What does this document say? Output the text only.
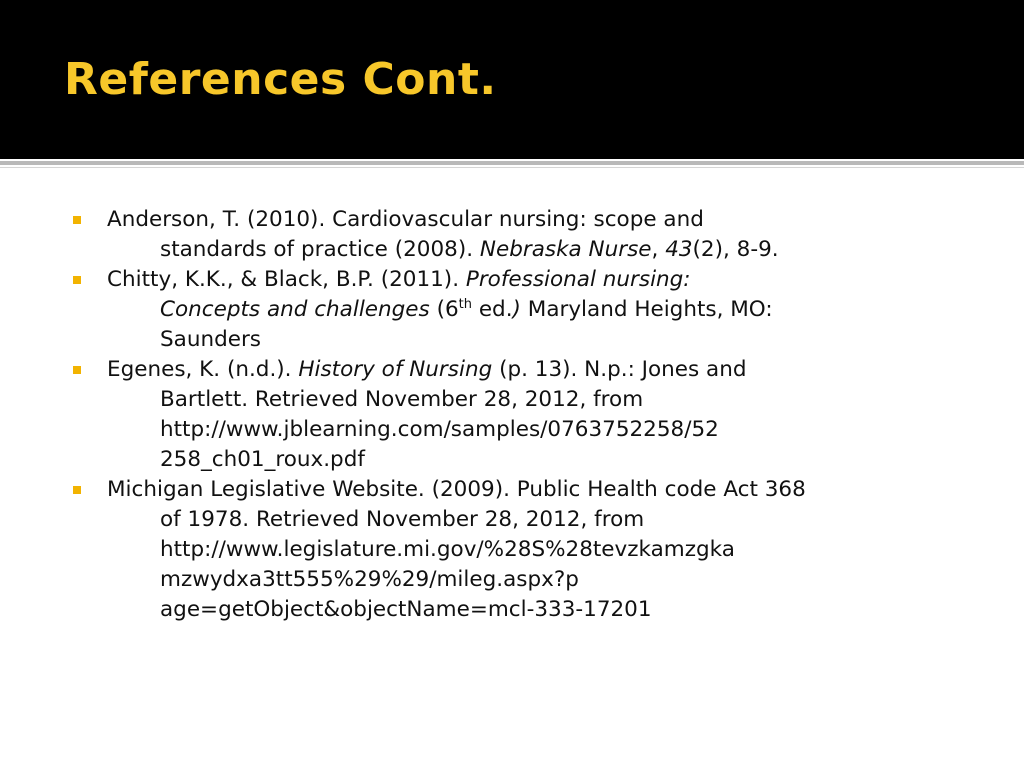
References Cont.
Anderson, T. (2010). Cardiovascular nursing: scope and
standards of practice (2008). Nebraska Nurse, 43(2), 8-9.
Chitty, K.K., & Black, B.P. (2011). Professional nursing:
Concepts and challenges (6th ed.) Maryland Heights, MO:
Saunders
Egenes, K. (n.d.). History of Nursing (p. 13). N.p.: Jones and
Bartlett. Retrieved November 28, 2012, from
http://www.jblearning.com/samples/0763752258/52
258_ch01_roux.pdf
Michigan Legislative Website. (2009). Public Health code Act 368
of 1978. Retrieved November 28, 2012, from
http://www.legislature.mi.gov/%28S%28tevzkamzgka
mzwydxa3tt555%29%29/mileg.aspx?p
age=getObject&objectName=mcl-333-17201
